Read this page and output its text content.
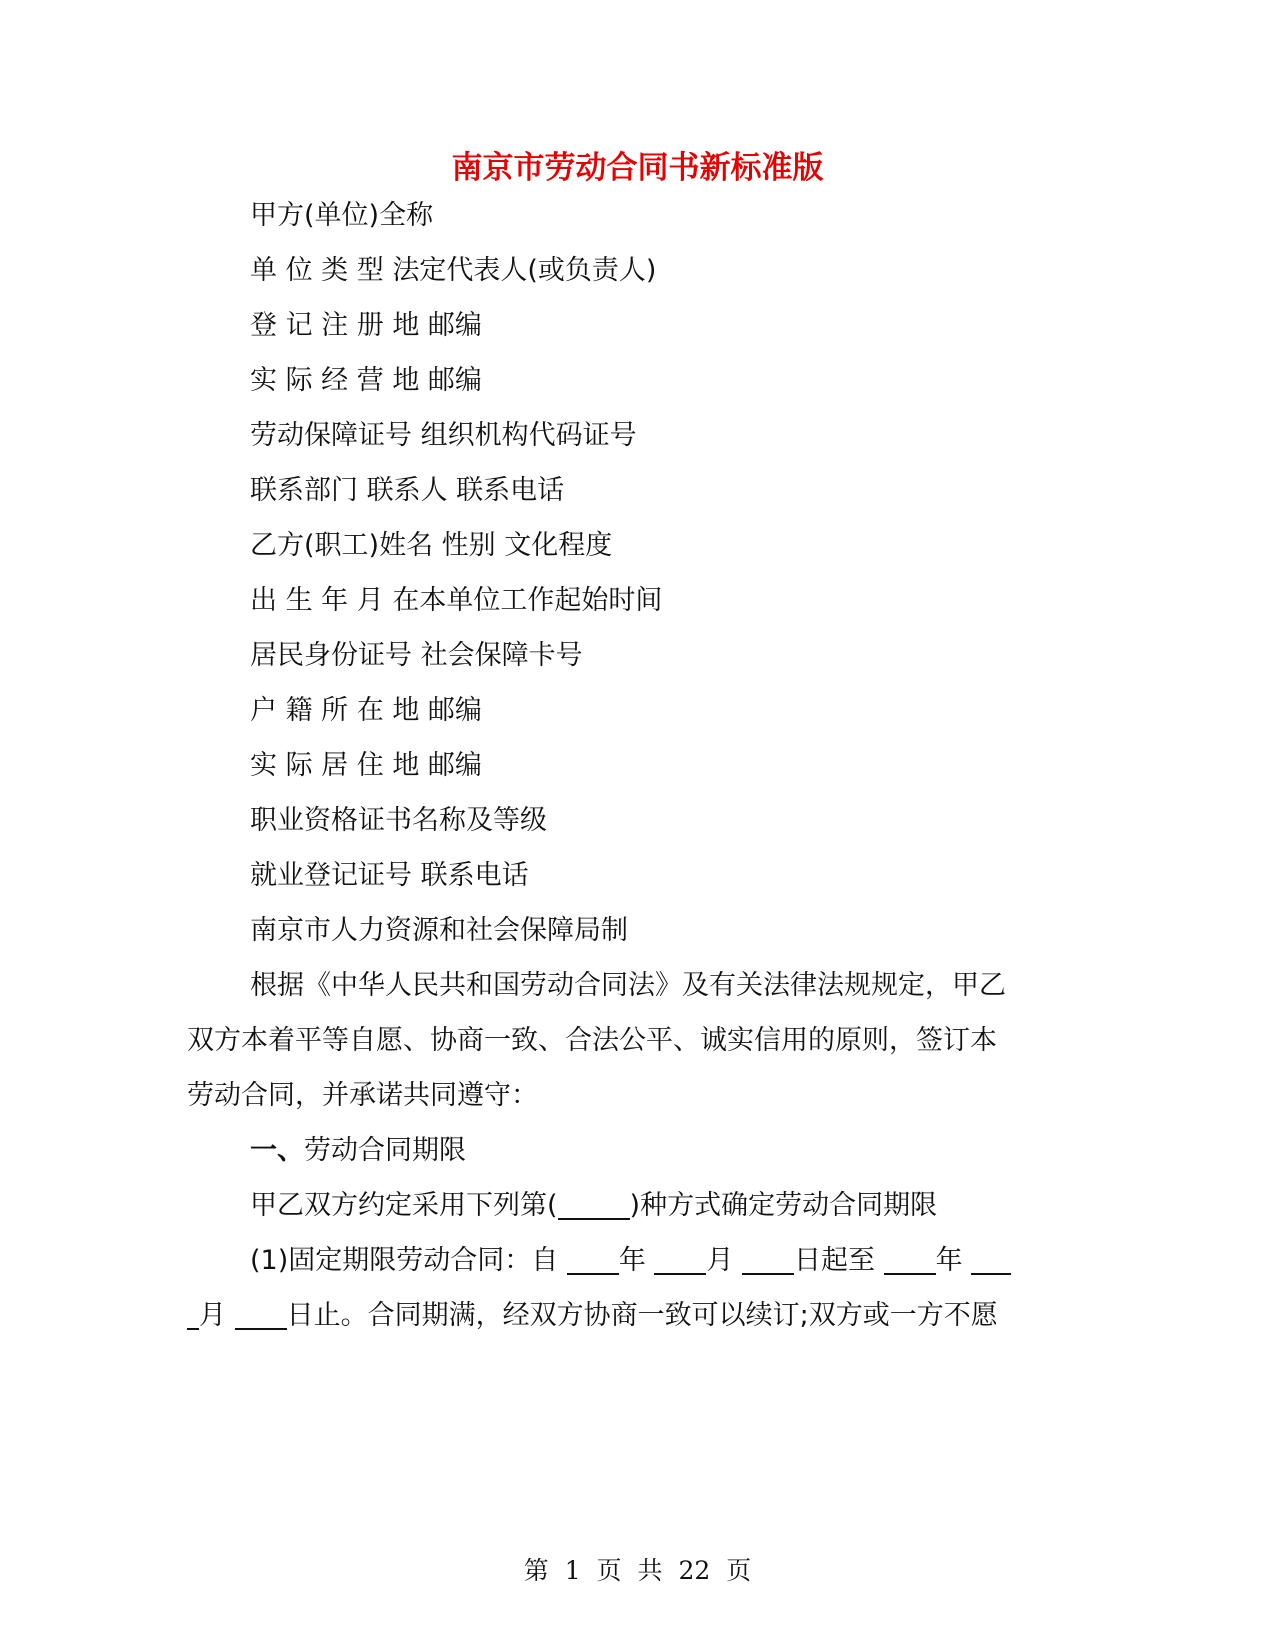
南京市劳动合同书新标准版
甲方(单位)全称
单 位 类 型 法定代表人(或负责人)
登 记 注 册 地 邮编
实 际 经 营 地 邮编
劳动保障证号 组织机构代码证号
联系部门 联系人 联系电话
乙方(职工)姓名 性别 文化程度
出 生 年 月 在本单位工作起始时间
居民身份证号 社会保障卡号
户 籍 所 在 地 邮编
实 际 居 住 地 邮编
职业资格证书名称及等级
就业登记证号 联系电话
南京市人力资源和社会保障局制
根据《中华人民共和国劳动合同法》及有关法律法规规定，甲乙
双方本着平等自愿、协商一致、合法公平、诚实信用的原则，签订本
劳动合同，并承诺共同遵守：
一、劳动合同期限
甲乙双方约定采用下列第(	)种方式确定劳动合同期限
(1)固定期限劳动合同：自 年 月 日起至 年
月 日止。合同期满，经双方协商一致可以续订;双方或一方不愿
第 1 页 共 22 页
